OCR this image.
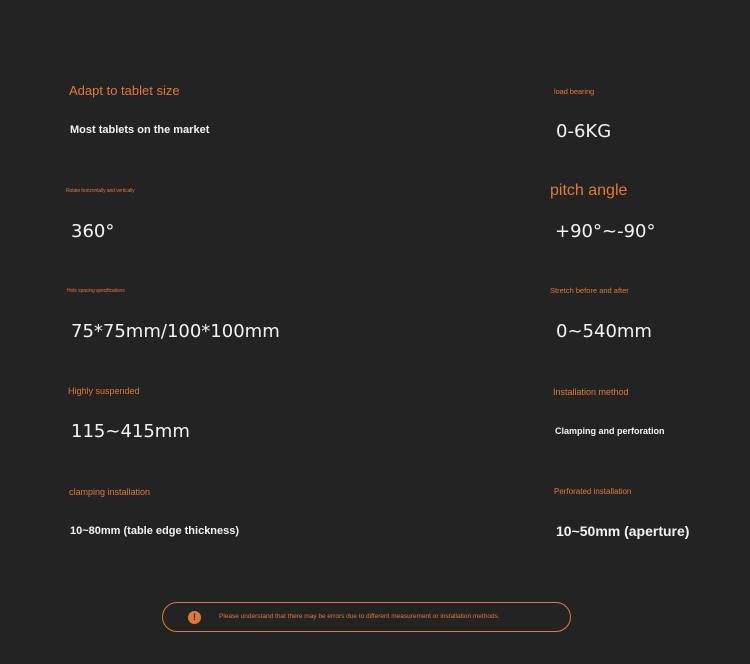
Adapt to tablet size
Most tablets on the market
load bearing
0-6KG
Rotate horizontally and vertically
360°
pitch angle
+90°~-90°
Hole spacing specifications
75*75mm/100*100mm
Stretch before and after
0~540mm
Highly suspended
115~415mm
Installation method
Clamping and perforation
clamping installation
10~80mm (table edge thickness)
Perforated installation
10~50mm (aperture)
!	Please understand that there may be errors due to different measurement or installation methods.
